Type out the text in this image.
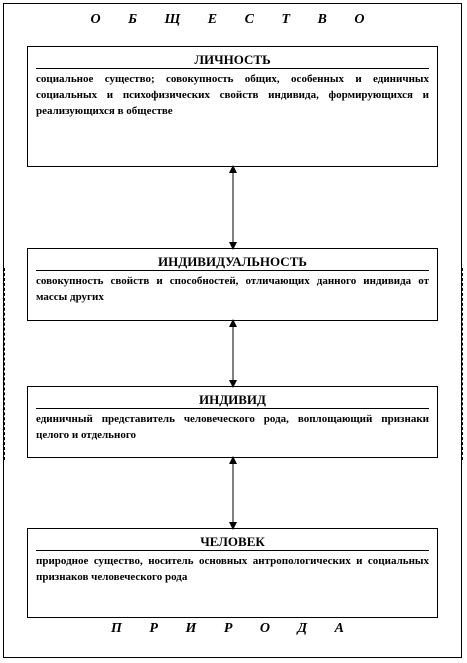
О Б Щ Е С Т В О
ЛИЧНОСТЬ
социальное существо; совокупность общих, особенных и единичных социальных и психофизических свойств индивида, формирующихся и реализующихся в обществе
ИНДИВИДУАЛЬНОСТЬ
совокупность свойств и способностей, отличающих данного индивида от массы других
ИНДИВИД
единичный представитель человеческого рода, воплощающий признаки целого и отдельного
ЧЕЛОВЕК
природное существо, носитель основных антропологических и социальных признаков человеческого рода
П Р И Р О Д А
